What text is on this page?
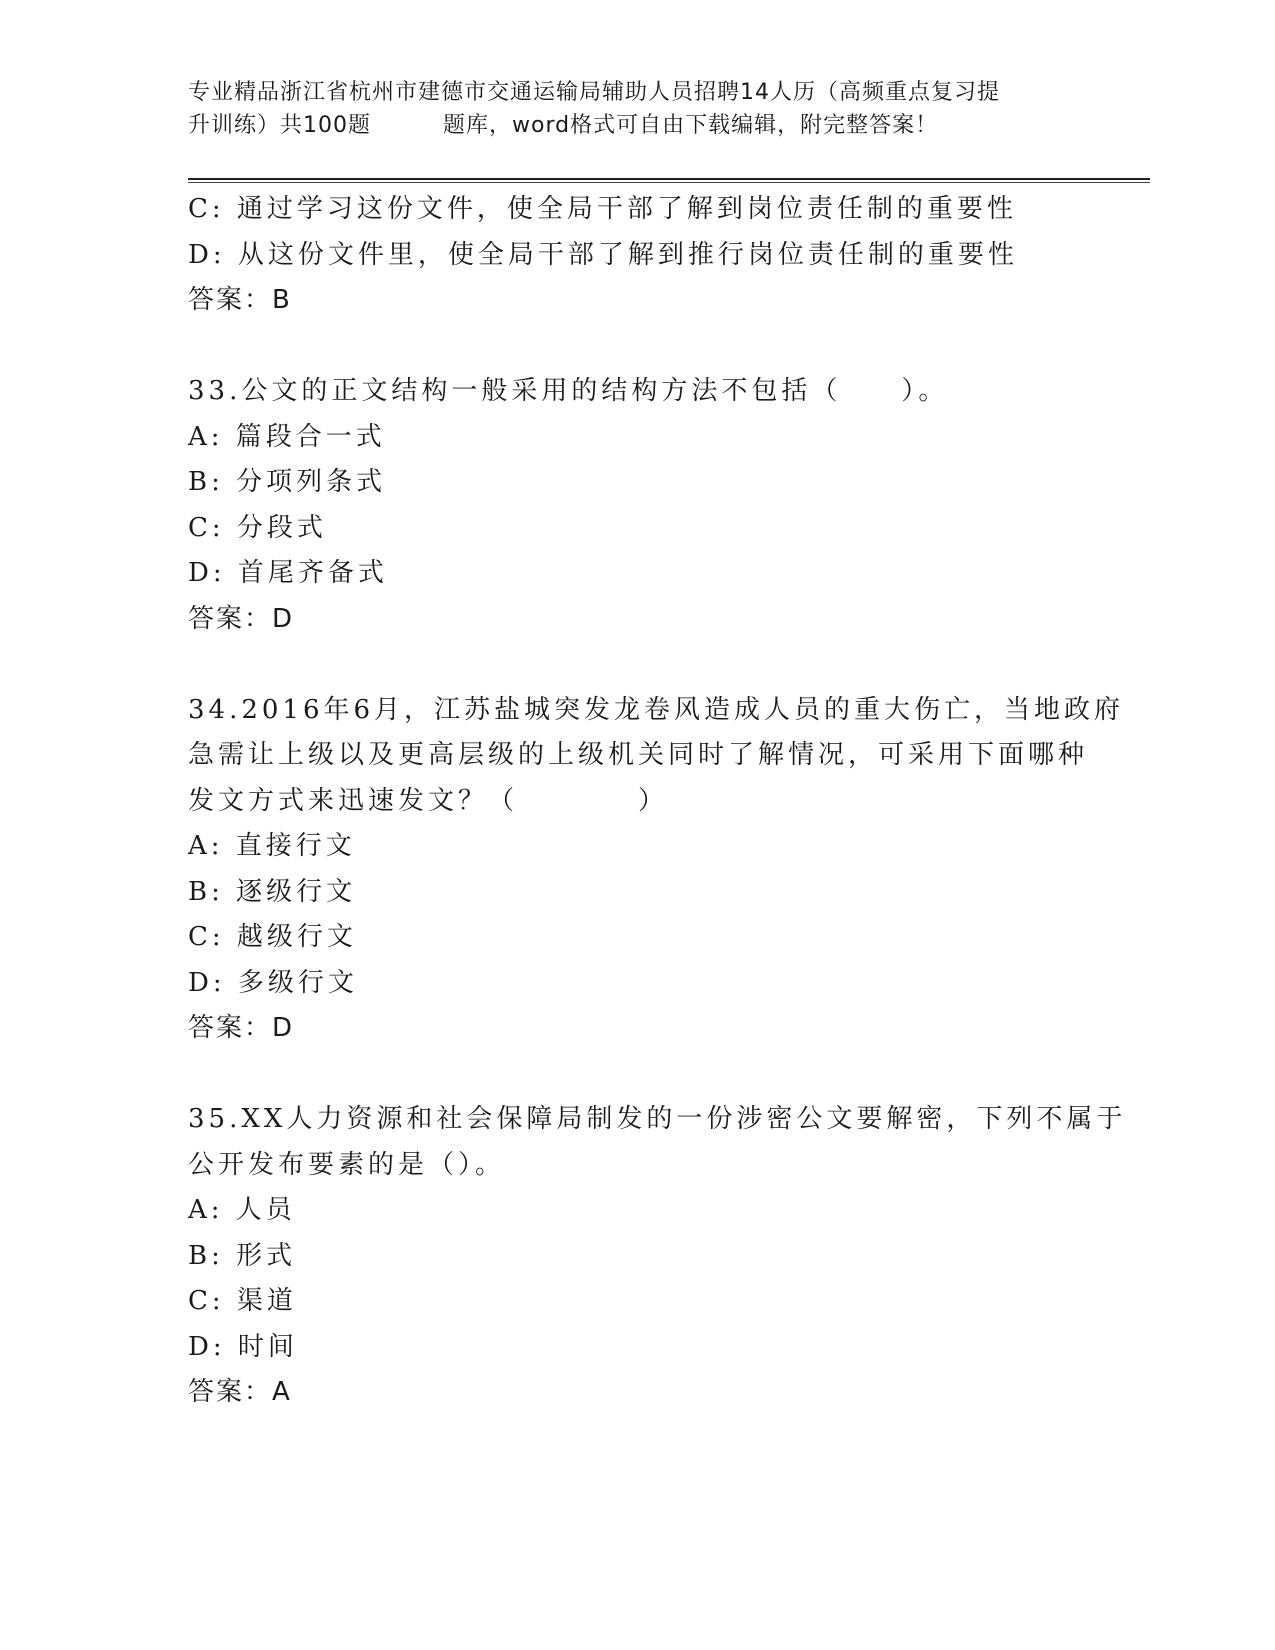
专业精品浙江省杭州市建德市交通运输局辅助人员招聘14人历（高频重点复习提
升训练）共100题	题库，word格式可自由下载编辑，附完整答案！
C: 通过学习这份文件，使全局干部了解到岗位责任制的重要性
D: 从这份文件里，使全局干部了解到推行岗位责任制的重要性
答案：B
33.公文的正文结构一般采用的结构方法不包括（　　）。
A: 篇段合一式
B: 分项列条式
C: 分段式
D: 首尾齐备式
答案：D
34.2016年6月，江苏盐城突发龙卷风造成人员的重大伤亡，当地政府
急需让上级以及更高层级的上级机关同时了解情况，可采用下面哪种
发文方式来迅速发文？（　　　　）
A: 直接行文
B: 逐级行文
C: 越级行文
D: 多级行文
答案：D
35.XX人力资源和社会保障局制发的一份涉密公文要解密，下列不属于
公开发布要素的是（）。
A: 人员
B: 形式
C: 渠道
D: 时间
答案：A
